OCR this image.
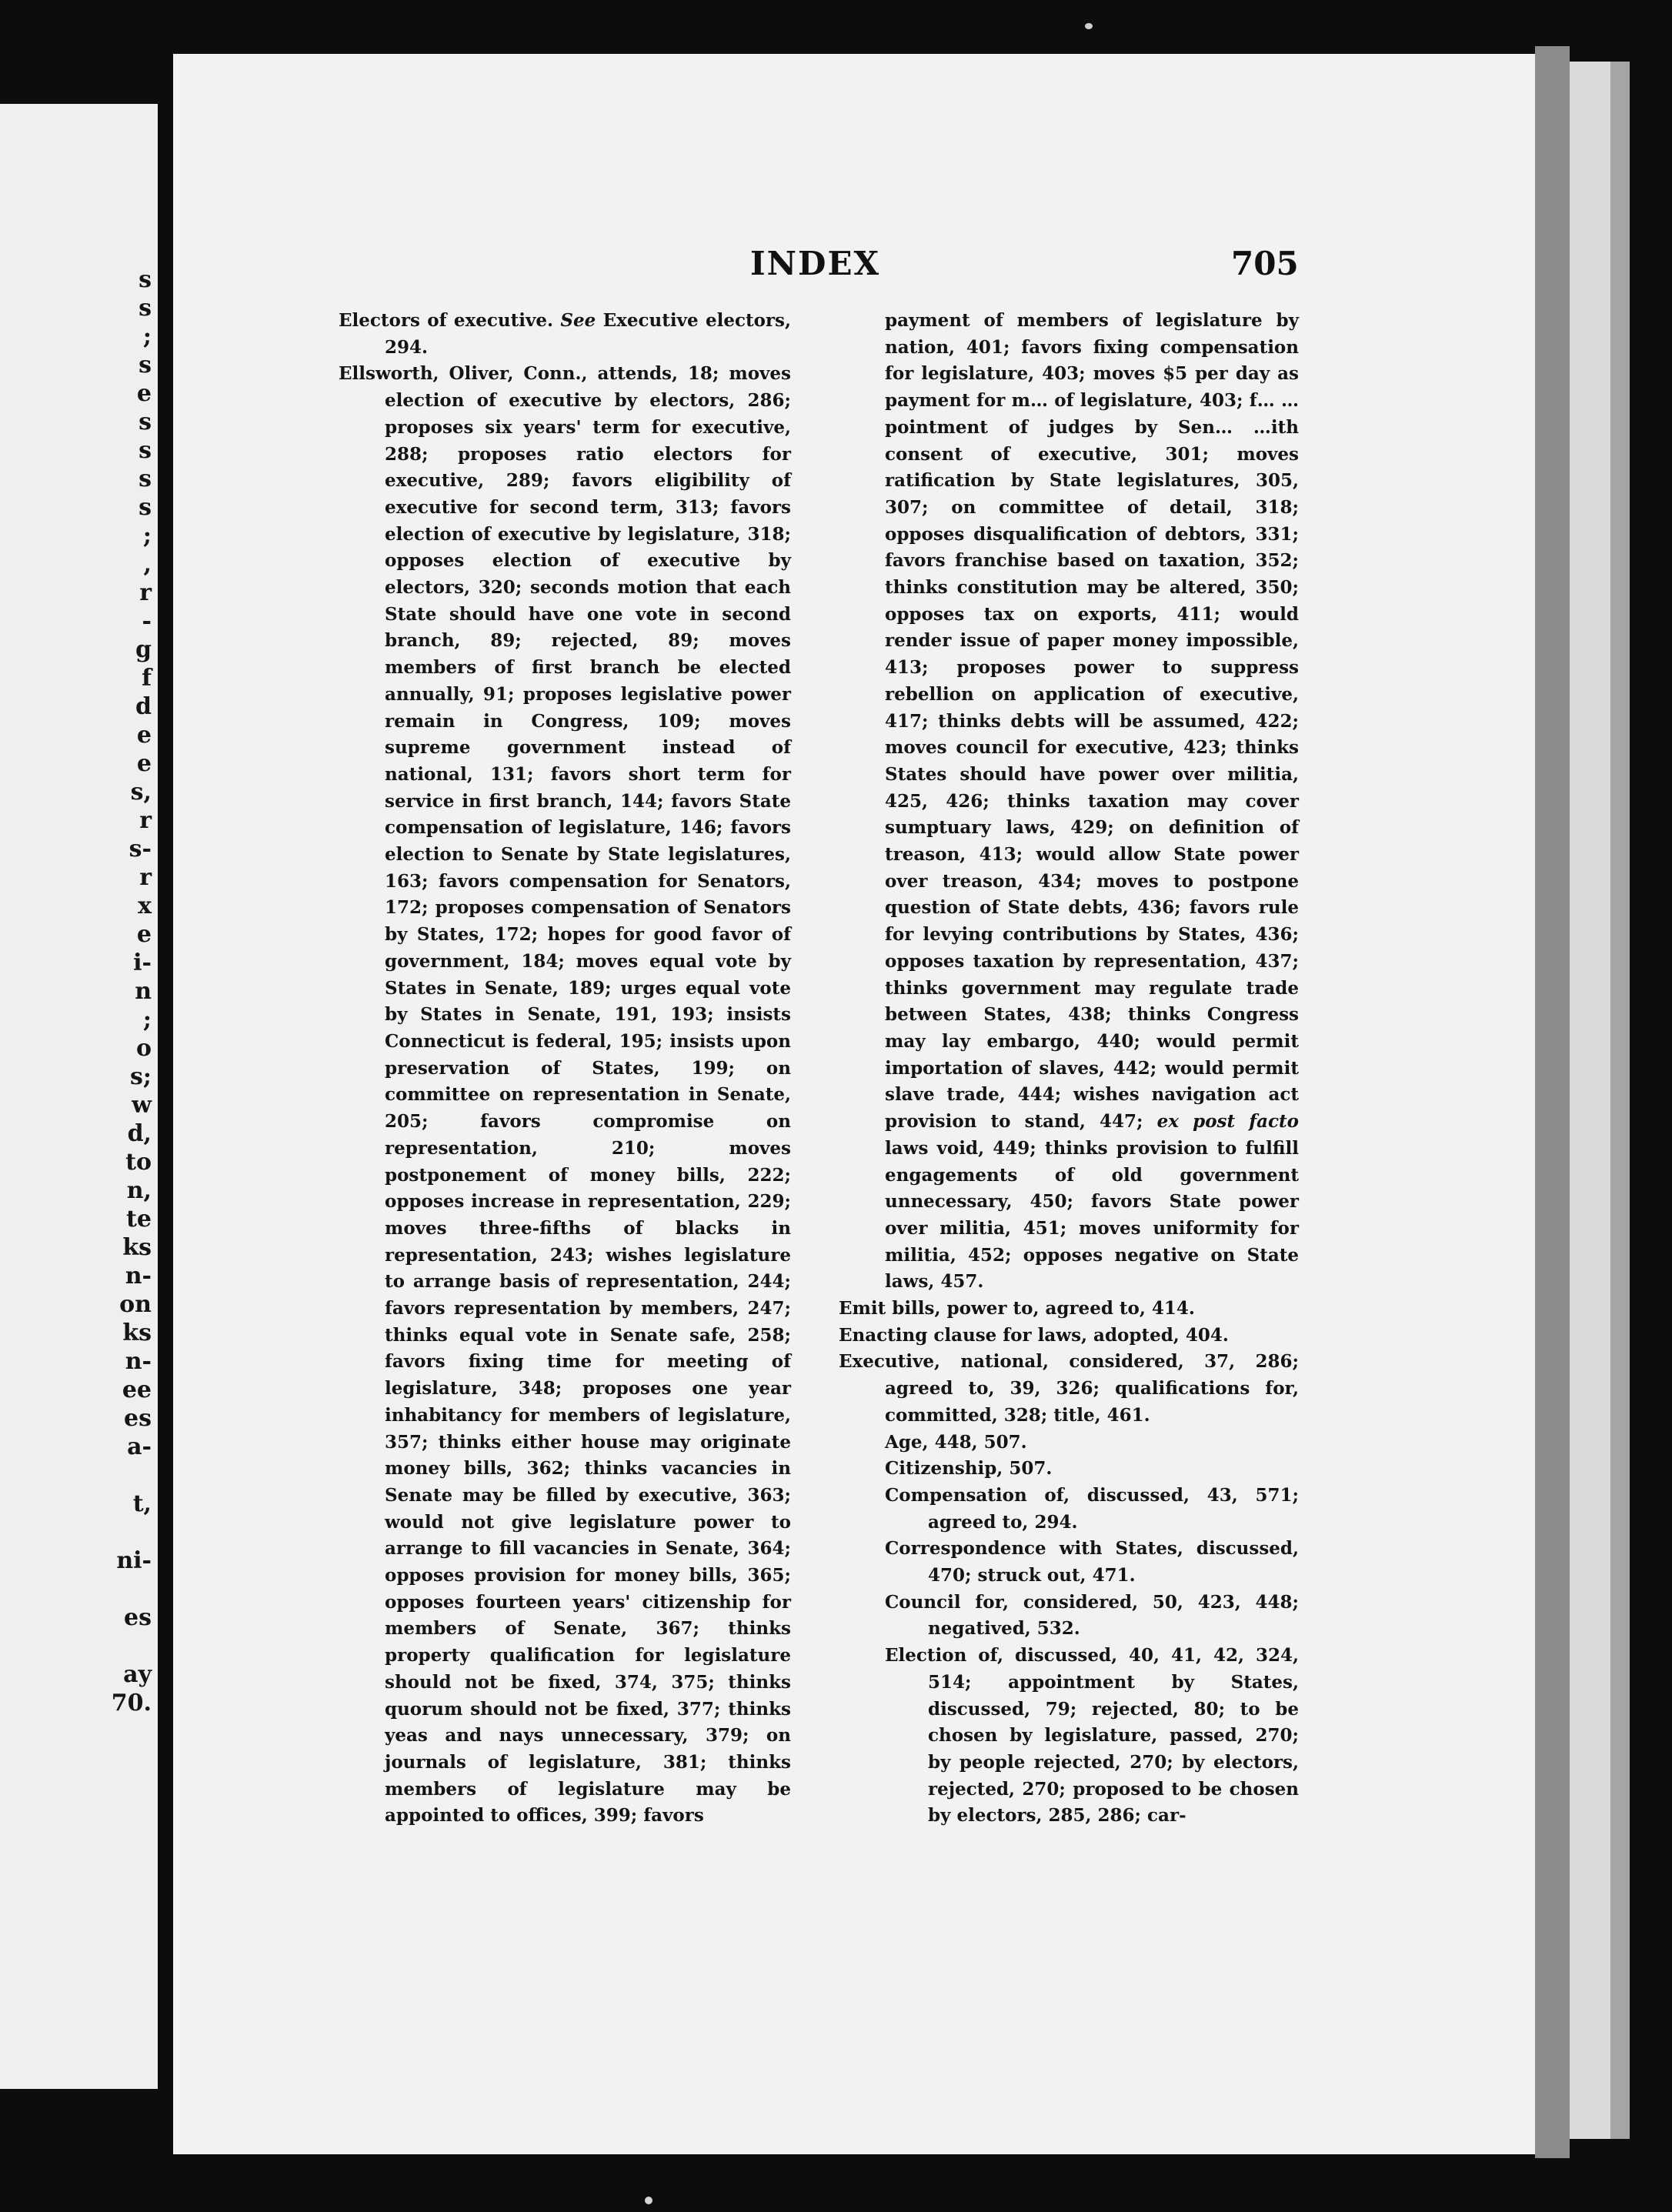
s
s
;
s
e
s
s
s
s
;
,
r
-
g
f
d
e
e
s,
r
s-
r
x
e
i-
n
;
o
s;
w
d,
to
n,
te
ks
n-
on
ks
n-
ee
es
a-

t,

ni-

es

ay
70.
INDEX	705

Electors of executive. See Executive electors, 294.

Ellsworth, Oliver, Conn., attends, 18; moves election of executive by electors, 286; proposes six years' term for executive, 288; proposes ratio electors for executive, 289; favors eligibility of executive for second term, 313; favors election of executive by legislature, 318; opposes election of executive by electors, 320; seconds motion that each State should have one vote in second branch, 89; rejected, 89; moves members of first branch be elected annually, 91; proposes legislative power remain in Congress, 109; moves supreme government instead of national, 131; favors short term for service in first branch, 144; favors State compensation of legislature, 146; favors election to Senate by State legislatures, 163; favors compensation for Senators, 172; proposes compensation of Senators by States, 172; hopes for good favor of government, 184; moves equal vote by States in Senate, 189; urges equal vote by States in Senate, 191, 193; insists Connecticut is federal, 195; insists upon preservation of States, 199; on committee on representation in Senate, 205; favors compromise on representation, 210; moves postponement of money bills, 222; opposes increase in representation, 229; moves three-fifths of blacks in representation, 243; wishes legislature to arrange basis of representation, 244; favors representation by members, 247; thinks equal vote in Senate safe, 258; favors fixing time for meeting of legislature, 348; proposes one year inhabitancy for members of legislature, 357; thinks either house may originate money bills, 362; thinks vacancies in Senate may be filled by executive, 363; would not give legislature power to arrange to fill vacancies in Senate, 364; opposes provision for money bills, 365; opposes fourteen years' citizenship for members of Senate, 367; thinks property qualification for legislature should not be fixed, 374, 375; thinks quorum should not be fixed, 377; thinks yeas and nays unnecessary, 379; on journals of legislature, 381; thinks members of legislature may be appointed to offices, 399; favors

payment of members of legislature by nation, 401; favors fixing compensation for legislature, 403; moves $5 per day as payment for m… of legislature, 403; f… …pointment of judges by Sen… …ith consent of executive, 301; moves ratification by State legislatures, 305, 307; on committee of detail, 318; opposes disqualification of debtors, 331; favors franchise based on taxation, 352; thinks constitution may be altered, 350; opposes tax on exports, 411; would render issue of paper money impossible, 413; proposes power to suppress rebellion on application of executive, 417; thinks debts will be assumed, 422; moves council for executive, 423; thinks States should have power over militia, 425, 426; thinks taxation may cover sumptuary laws, 429; on definition of treason, 413; would allow State power over treason, 434; moves to postpone question of State debts, 436; favors rule for levying contributions by States, 436; opposes taxation by representation, 437; thinks government may regulate trade between States, 438; thinks Congress may lay embargo, 440; would permit importation of slaves, 442; would permit slave trade, 444; wishes navigation act provision to stand, 447; ex post facto laws void, 449; thinks provision to fulfill engagements of old government unnecessary, 450; favors State power over militia, 451; moves uniformity for militia, 452; opposes negative on State laws, 457.

Emit bills, power to, agreed to, 414.

Enacting clause for laws, adopted, 404.

Executive, national, considered, 37, 286; agreed to, 39, 326; qualifications for, committed, 328; title, 461.

Age, 448, 507.

Citizenship, 507.

Compensation of, discussed, 43, 571; agreed to, 294.

Correspondence with States, discussed, 470; struck out, 471.

Council for, considered, 50, 423, 448; negatived, 532.

Election of, discussed, 40, 41, 42, 324, 514; appointment by States, discussed, 79; rejected, 80; to be chosen by legislature, passed, 270; by people rejected, 270; by electors, rejected, 270; proposed to be chosen by electors, 285, 286; car-
